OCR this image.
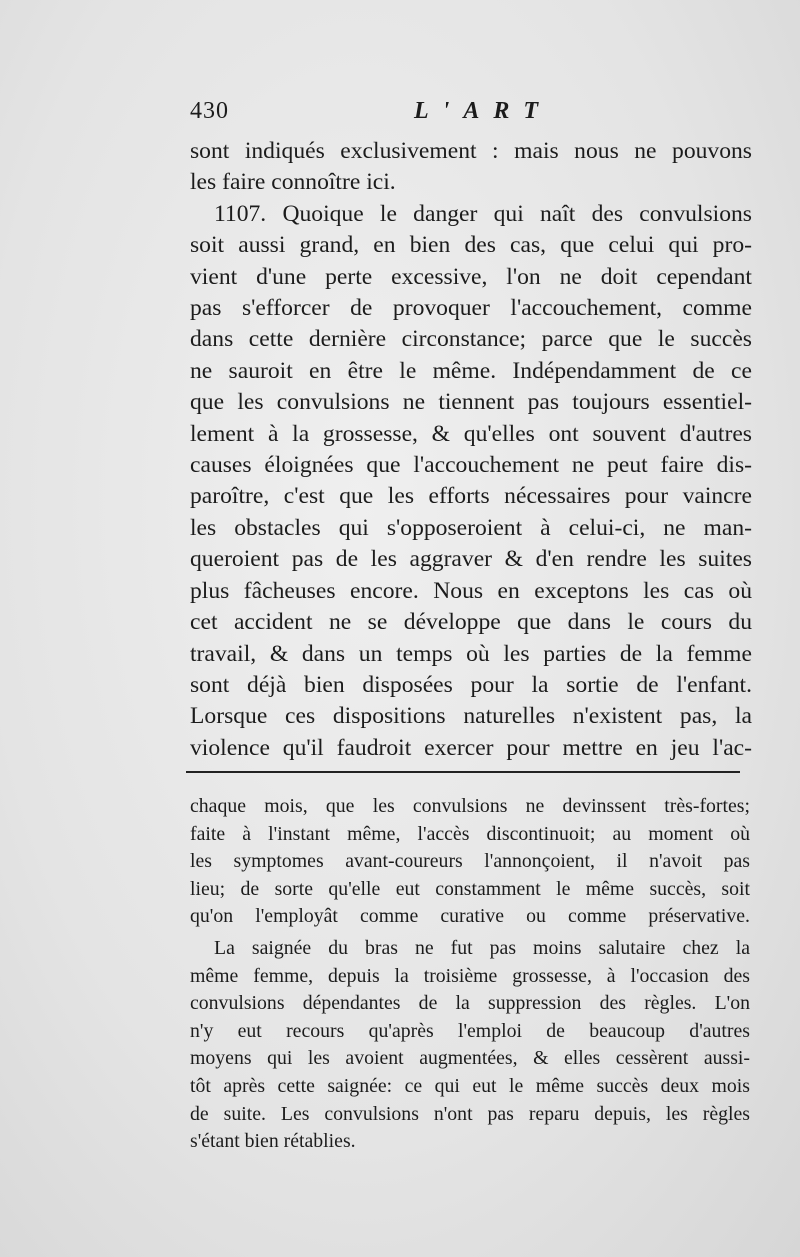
430	L'ART
sont indiqués exclusivement : mais nous ne pouvons
les faire connoître ici.
1107. Quoique le danger qui naît des convulsions
soit aussi grand, en bien des cas, que celui qui pro-
vient d'une perte excessive, l'on ne doit cependant
pas s'efforcer de provoquer l'accouchement, comme
dans cette dernière circonstance; parce que le succès
ne sauroit en être le même. Indépendamment de ce
que les convulsions ne tiennent pas toujours essentiel-
lement à la grossesse, & qu'elles ont souvent d'autres
causes éloignées que l'accouchement ne peut faire dis-
paroître, c'est que les efforts nécessaires pour vaincre
les obstacles qui s'opposeroient à celui-ci, ne man-
queroient pas de les aggraver & d'en rendre les suites
plus fâcheuses encore. Nous en exceptons les cas où
cet accident ne se développe que dans le cours du
travail, & dans un temps où les parties de la femme
sont déjà bien disposées pour la sortie de l'enfant.
Lorsque ces dispositions naturelles n'existent pas, la
violence qu'il faudroit exercer pour mettre en jeu l'ac-
chaque mois, que les convulsions ne devinssent très-fortes;
faite à l'instant même, l'accès discontinuoit; au moment où
les symptomes avant-coureurs l'annonçoient, il n'avoit pas
lieu; de sorte qu'elle eut constamment le même succès, soit
qu'on l'employât comme curative ou comme préservative.
La saignée du bras ne fut pas moins salutaire chez la
même femme, depuis la troisième grossesse, à l'occasion des
convulsions dépendantes de la suppression des règles. L'on
n'y eut recours qu'après l'emploi de beaucoup d'autres
moyens qui les avoient augmentées, & elles cessèrent aussi-
tôt après cette saignée: ce qui eut le même succès deux mois
de suite. Les convulsions n'ont pas reparu depuis, les règles
s'étant bien rétablies.
